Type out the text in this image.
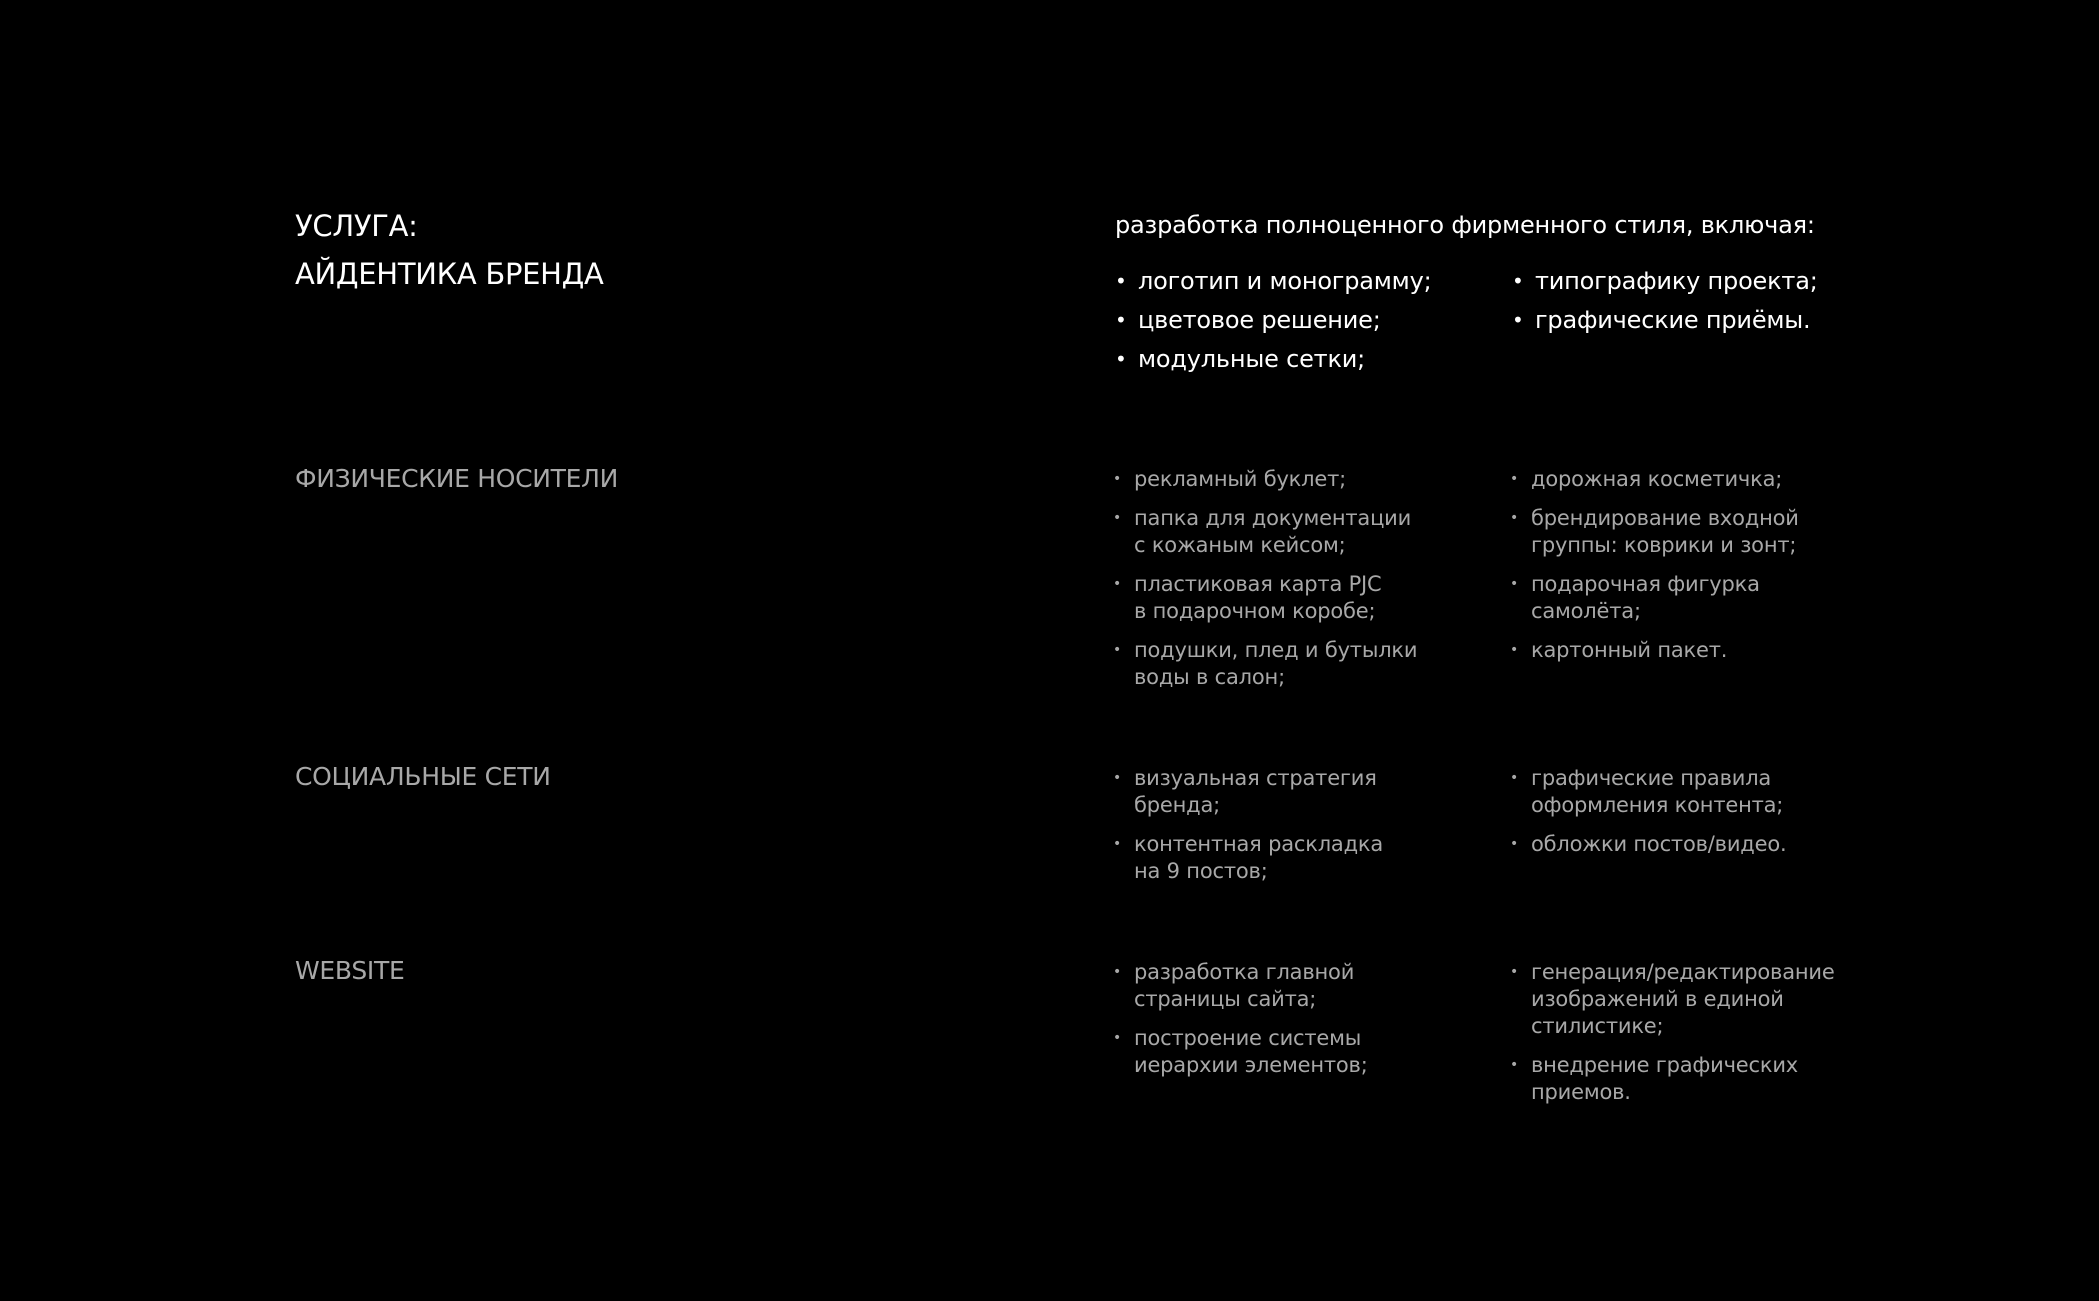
УСЛУГА:
АЙДЕНТИКА БРЕНДА
разработка полноценного фирменного стиля, включая:
• логотип и монограмму;
• цветовое решение;
• модульные сетки;
• типографику проекта;
• графические приёмы.
ФИЗИЧЕСКИЕ НОСИТЕЛИ	• рекламный буклет;
• папка для документации
с кожаным кейсом;
• пластиковая карта PJC
в подарочном коробе;
• подушки, плед и бутылки
воды в салон;
• дорожная косметичка;
• брендирование входной
группы: коврики и зонт;
• подарочная фигурка
самолёта;
• картонный пакет.
СОЦИАЛЬНЫЕ СЕТИ	• визуальная стратегия
бренда;
• контентная раскладка
на 9 постов;
• графические правила
оформления контента;
• обложки постов/видео.
WEBSITE	• разработка главной
страницы сайта;
• построение системы
иерархии элементов;
• генерация/редактирование
изображений в единой
стилистике;
• внедрение графических
приемов.
